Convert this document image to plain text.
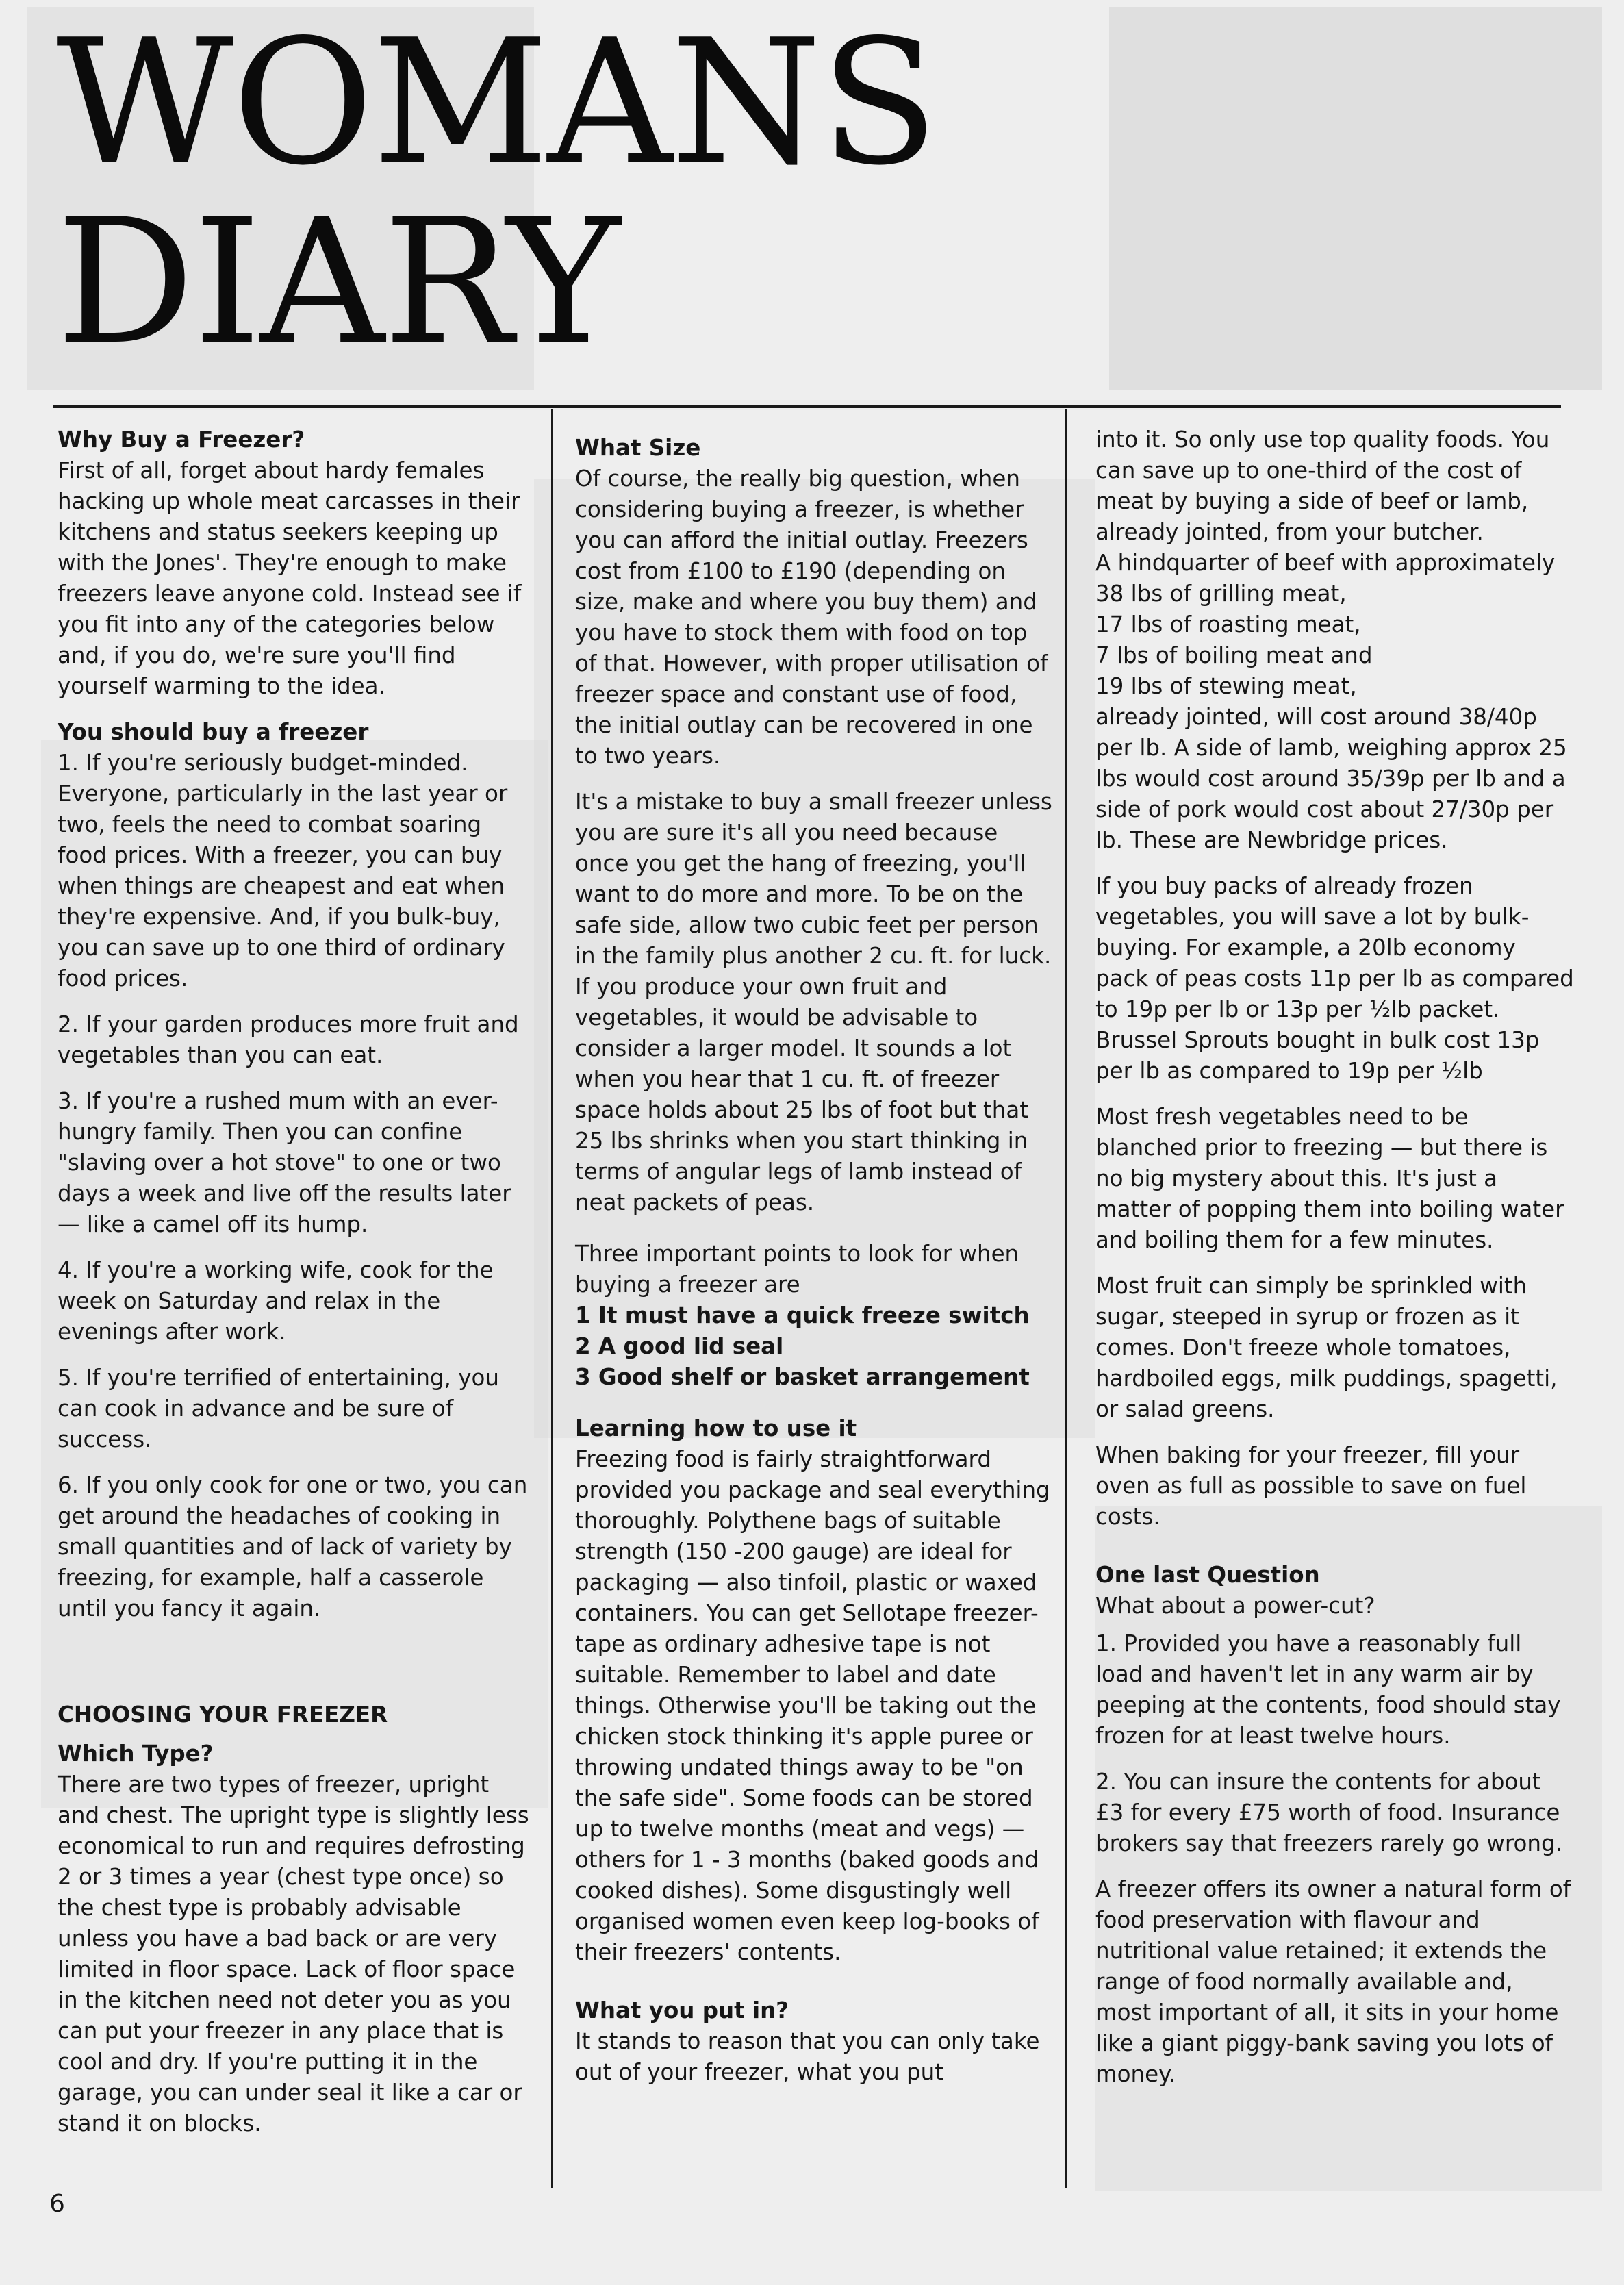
WOMANS
DIARY

Why Buy a Freezer?
First of all, forget about hardy females hacking up whole meat carcasses in their kitchens and status seekers keeping up with the Jones'. They're enough to make freezers leave anyone cold. Instead see if you fit into any of the categories below and, if you do, we're sure you'll find yourself warming to the idea.

You should buy a freezer
1. If you're seriously budget-minded. Everyone, particularly in the last year or two, feels the need to combat soaring food prices. With a freezer, you can buy when things are cheapest and eat when they're expensive. And, if you bulk-buy, you can save up to one third of ordinary food prices.

2. If your garden produces more fruit and vegetables than you can eat.

3. If you're a rushed mum with an ever-hungry family. Then you can confine "slaving over a hot stove" to one or two days a week and live off the results later — like a camel off its hump.

4. If you're a working wife, cook for the week on Saturday and relax in the evenings after work.

5. If you're terrified of entertaining, you can cook in advance and be sure of success.

6. If you only cook for one or two, you can get around the headaches of cooking in small quantities and of lack of variety by freezing, for example, half a casserole until you fancy it again.

CHOOSING YOUR FREEZER

Which Type?
There are two types of freezer, upright and chest. The upright type is slightly less economical to run and requires defrosting 2 or 3 times a year (chest type once) so the chest type is probably advisable unless you have a bad back or are very limited in floor space. Lack of floor space in the kitchen need not deter you as you can put your freezer in any place that is cool and dry. If you're putting it in the garage, you can under seal it like a car or stand it on blocks.

What Size
Of course, the really big question, when considering buying a freezer, is whether you can afford the initial outlay. Freezers cost from £100 to £190 (depending on size, make and where you buy them) and you have to stock them with food on top of that. However, with proper utilisation of freezer space and constant use of food, the initial outlay can be recovered in one to two years.

It's a mistake to buy a small freezer unless you are sure it's all you need because once you get the hang of freezing, you'll want to do more and more. To be on the safe side, allow two cubic feet per person in the family plus another 2 cu. ft. for luck. If you produce your own fruit and vegetables, it would be advisable to consider a larger model. It sounds a lot when you hear that 1 cu. ft. of freezer space holds about 25 lbs of foot but that 25 lbs shrinks when you start thinking in terms of angular legs of lamb instead of neat packets of peas.

Three important points to look for when buying a freezer are
1 It must have a quick freeze switch
2 A good lid seal
3 Good shelf or basket arrangement

Learning how to use it
Freezing food is fairly straightforward provided you package and seal everything thoroughly. Polythene bags of suitable strength (150 -200 gauge) are ideal for packaging — also tinfoil, plastic or waxed containers. You can get Sellotape freezer-tape as ordinary adhesive tape is not suitable. Remember to label and date things. Otherwise you'll be taking out the chicken stock thinking it's apple puree or throwing undated things away to be "on the safe side". Some foods can be stored up to twelve months (meat and vegs) — others for 1 - 3 months (baked goods and cooked dishes). Some disgustingly well organised women even keep log-books of their freezers' contents.

What you put in?
It stands to reason that you can only take out of your freezer, what you put

into it. So only use top quality foods. You can save up to one-third of the cost of meat by buying a side of beef or lamb, already jointed, from your butcher.

A hindquarter of beef with approximately
38 lbs of grilling meat,
17 lbs of roasting meat,
7 lbs of boiling meat and
19 lbs of stewing meat,
already jointed, will cost around 38/40p per lb. A side of lamb, weighing approx 25 lbs would cost around 35/39p per lb and a side of pork would cost about 27/30p per lb. These are Newbridge prices.

If you buy packs of already frozen vegetables, you will save a lot by bulk-buying. For example, a 20lb economy pack of peas costs 11p per lb as compared to 19p per lb or 13p per ½lb packet. Brussel Sprouts bought in bulk cost 13p per lb as compared to 19p per ½lb

Most fresh vegetables need to be blanched prior to freezing — but there is no big mystery about this. It's just a matter of popping them into boiling water and boiling them for a few minutes.

Most fruit can simply be sprinkled with sugar, steeped in syrup or frozen as it comes. Don't freeze whole tomatoes, hardboiled eggs, milk puddings, spagetti, or salad greens.

When baking for your freezer, fill your oven as full as possible to save on fuel costs.

One last Question
What about a power-cut?

1. Provided you have a reasonably full load and haven't let in any warm air by peeping at the contents, food should stay frozen for at least twelve hours.

2. You can insure the contents for about £3 for every £75 worth of food. Insurance brokers say that freezers rarely go wrong.

A freezer offers its owner a natural form of food preservation with flavour and nutritional value retained; it extends the range of food normally available and, most important of all, it sits in your home like a giant piggy-bank saving you lots of money.

6
